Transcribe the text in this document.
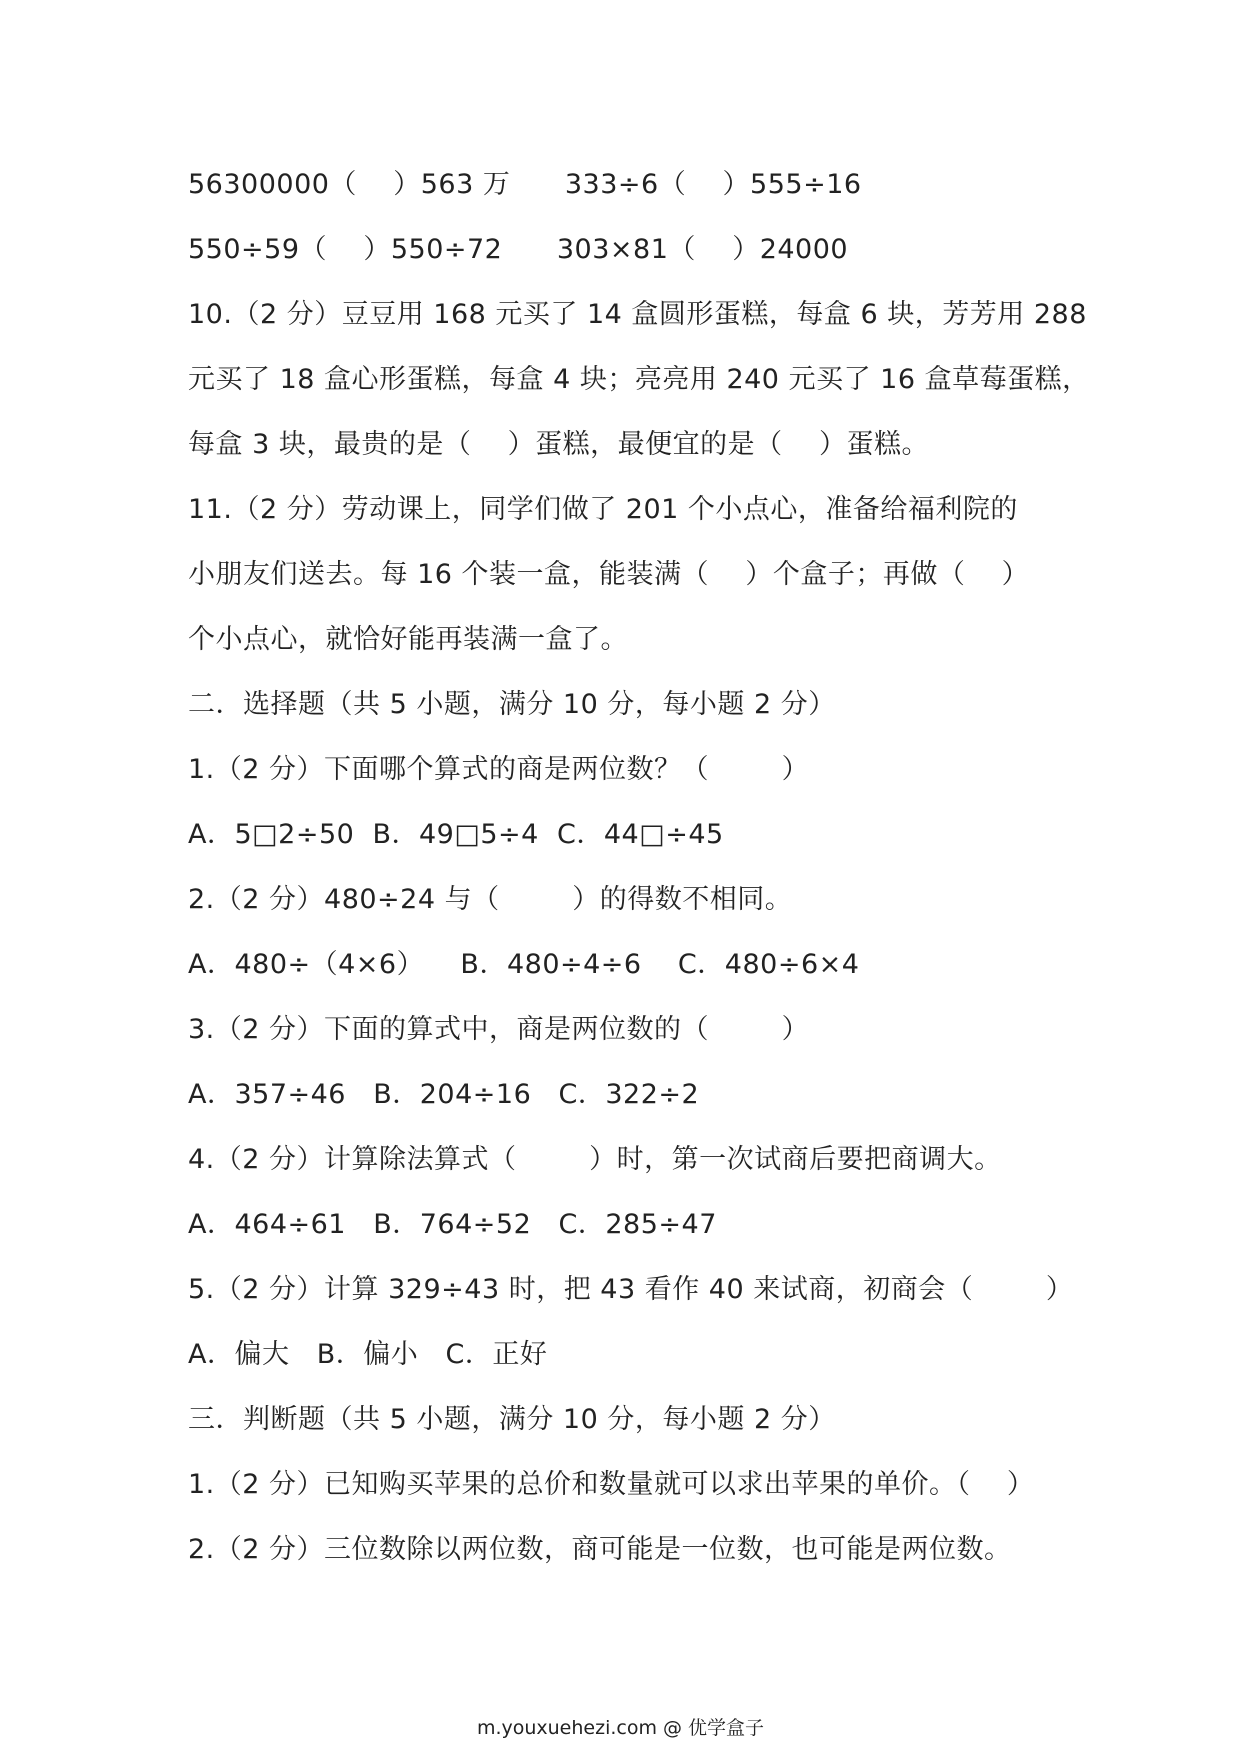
56300000（    ）563 万      333÷6（    ）555÷16
550÷59（    ）550÷72      303×81（    ）24000
10.（2 分）豆豆用 168 元买了 14 盒圆形蛋糕，每盒 6 块，芳芳用 288
元买了 18 盒心形蛋糕，每盒 4 块；亮亮用 240 元买了 16 盒草莓蛋糕，
每盒 3 块，最贵的是（    ）蛋糕，最便宜的是（    ）蛋糕。
11.（2 分）劳动课上，同学们做了 201 个小点心，准备给福利院的
小朋友们送去。每 16 个装一盒，能装满（    ）个盒子；再做（    ）
个小点心，就恰好能再装满一盒了。
二．选择题（共 5 小题，满分 10 分，每小题 2 分）
1.（2 分）下面哪个算式的商是两位数？（        ）
A．5□2÷50  B．49□5÷4  C．44□÷45
2.（2 分）480÷24 与（        ）的得数不相同。
A．480÷（4×6）    B．480÷4÷6    C．480÷6×4
3.（2 分）下面的算式中，商是两位数的（        ）
A．357÷46   B．204÷16   C．322÷2
4.（2 分）计算除法算式（        ）时，第一次试商后要把商调大。
A．464÷61   B．764÷52   C．285÷47
5.（2 分）计算 329÷43 时，把 43 看作 40 来试商，初商会（        ）
A．偏大   B．偏小   C．正好
三．判断题（共 5 小题，满分 10 分，每小题 2 分）
1.（2 分）已知购买苹果的总价和数量就可以求出苹果的单价。（    ）
2.（2 分）三位数除以两位数，商可能是一位数，也可能是两位数。
m.youxuehezi.com @ 优学盒子
